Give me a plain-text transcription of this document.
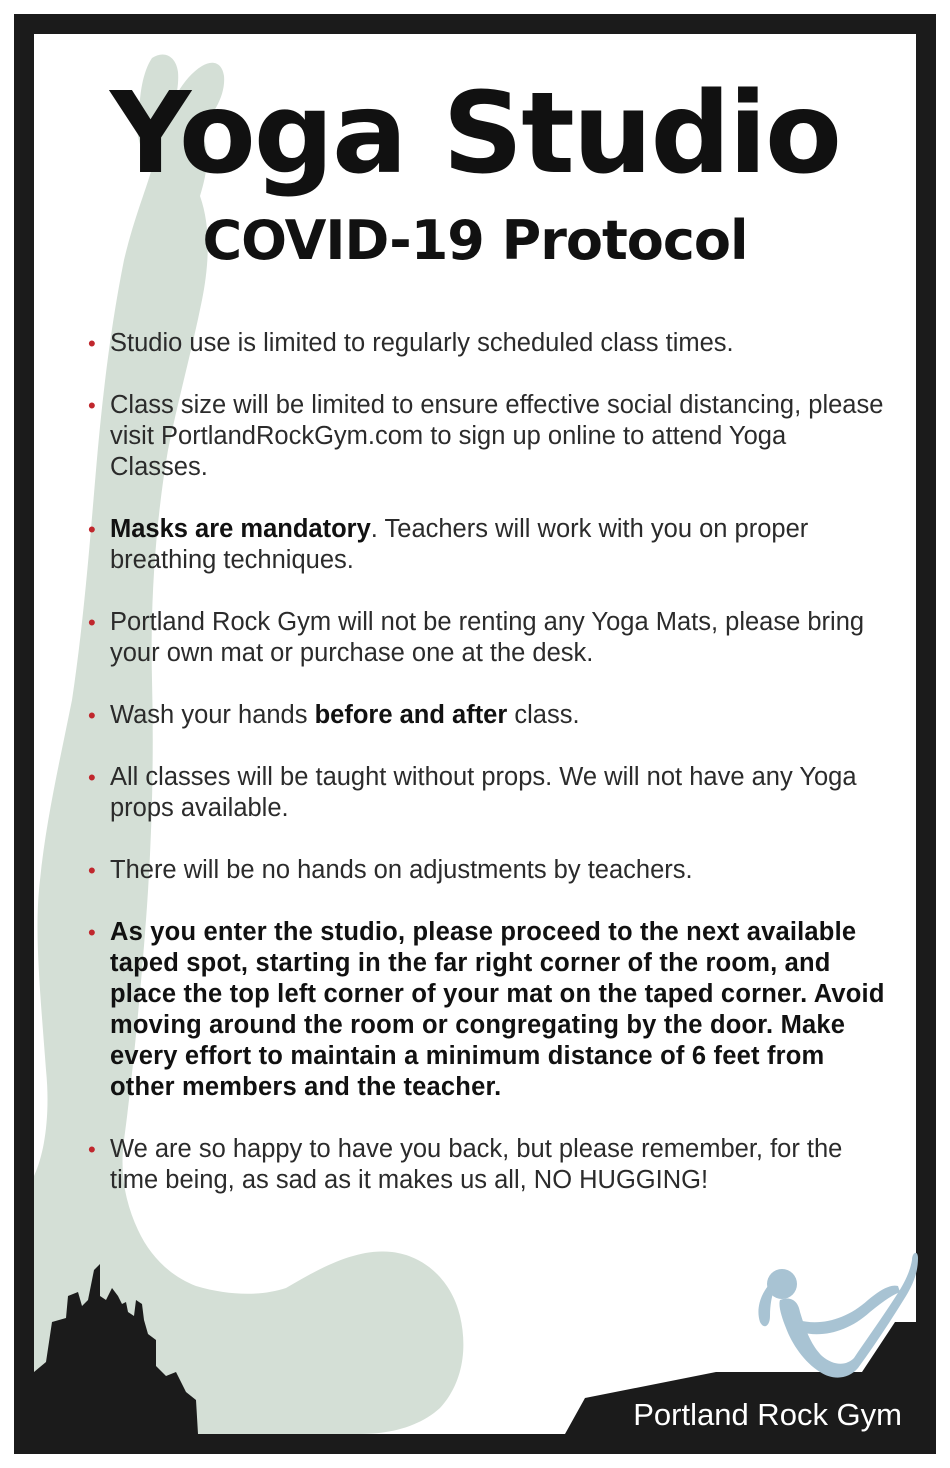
Yoga Studio
COVID-19 Protocol
• Studio use is limited to regularly scheduled class times.
• Class size will be limited to ensure effective social distancing, please visit PortlandRockGym.com to sign up online to attend Yoga Classes.
• Masks are mandatory. Teachers will work with you on proper breathing techniques.
• Portland Rock Gym will not be renting any Yoga Mats, please bring your own mat or purchase one at the desk.
• Wash your hands before and after class.
• All classes will be taught without props. We will not have any Yoga props available.
• There will be no hands on adjustments by teachers.
• As you enter the studio, please proceed to the next available taped spot, starting in the far right corner of the room, and place the top left corner of your mat on the taped corner. Avoid moving around the room or congregating by the door. Make every effort to maintain a minimum distance of 6 feet from other members and the teacher.
• We are so happy to have you back, but please remember, for the time being, as sad as it makes us all, NO HUGGING!

Portland Rock Gym
